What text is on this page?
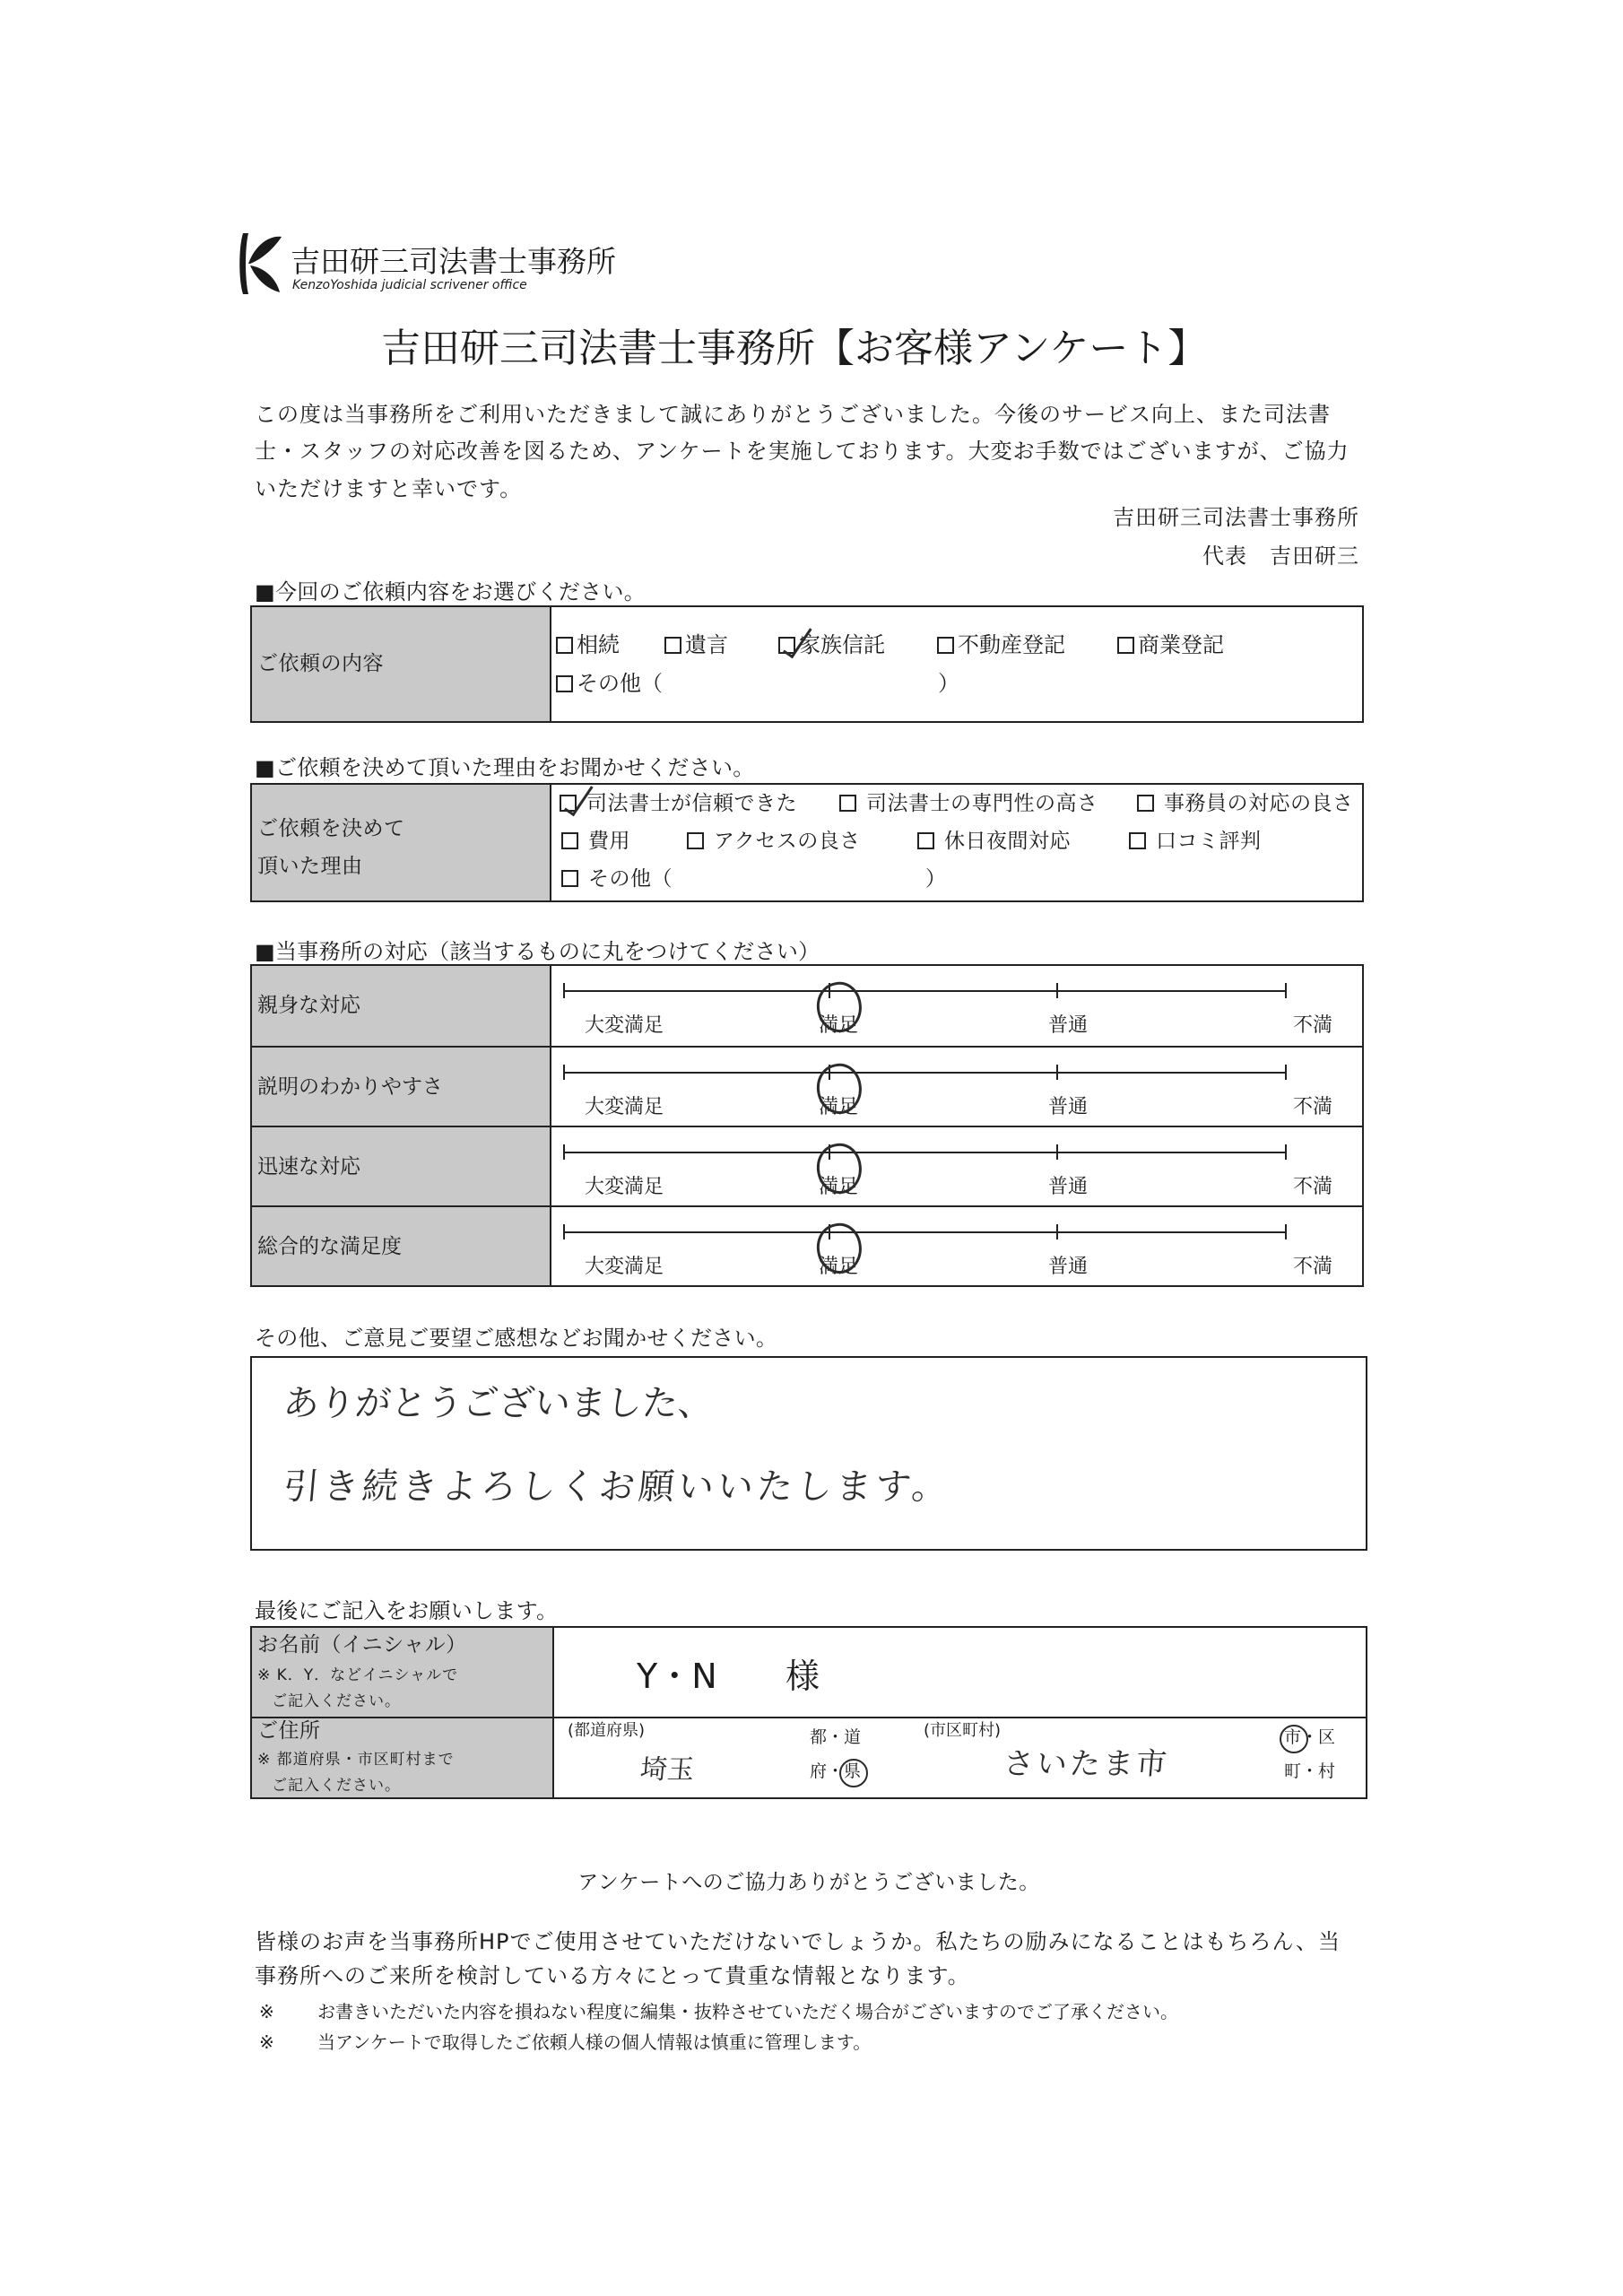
吉田研三司法書士事務所
KenzoYoshida judicial scrivener office
吉田研三司法書士事務所【お客様アンケート】
この度は当事務所をご利用いただきまして誠にありがとうございました。今後のサービス向上、また司法書
士・スタッフの対応改善を図るため、アンケートを実施しております。大変お手数ではございますが、ご協力
いただけますと幸いです。
吉田研三司法書士事務所
代表　吉田研三
■今回のご依頼内容をお選びください。
ご依頼の内容
相続	遺言	家族信託	不動産登記	商業登記
その他（	）
■ご依頼を決めて頂いた理由をお聞かせください。
ご依頼を決めて
頂いた理由
司法書士が信頼できた	司法書士の専門性の高さ	事務員の対応の良さ
費用	アクセスの良さ	休日夜間対応	口コミ評判
その他（	）
■当事務所の対応（該当するものに丸をつけてください）
親身な対応
大変満足	満足	普通	不満
説明のわかりやすさ
大変満足	満足	普通	不満
迅速な対応
大変満足	満足	普通	不満
総合的な満足度
大変満足	満足	普通	不満
その他、ご意見ご要望ご感想などお聞かせください。
ありがとうございました、
引き続きよろしくお願いいたします。
最後にご記入をお願いします。
お名前（イニシャル）
※ K．Y．などイニシャルで
ご記入ください。
Y・N 様
ご住所
※ 都道府県・市区町村まで
ご記入ください。
(都道府県)
埼玉
都・道
府・県
(市区町村)
さいたま市
市・区
町・村
アンケートへのご協力ありがとうございました。
皆様のお声を当事務所HPでご使用させていただけないでしょうか。私たちの励みになることはもちろん、当
事務所へのご来所を検討している方々にとって貴重な情報となります。
※ お書きいただいた内容を損ねない程度に編集・抜粋させていただく場合がございますのでご了承ください。
※ 当アンケートで取得したご依頼人様の個人情報は慎重に管理します。
